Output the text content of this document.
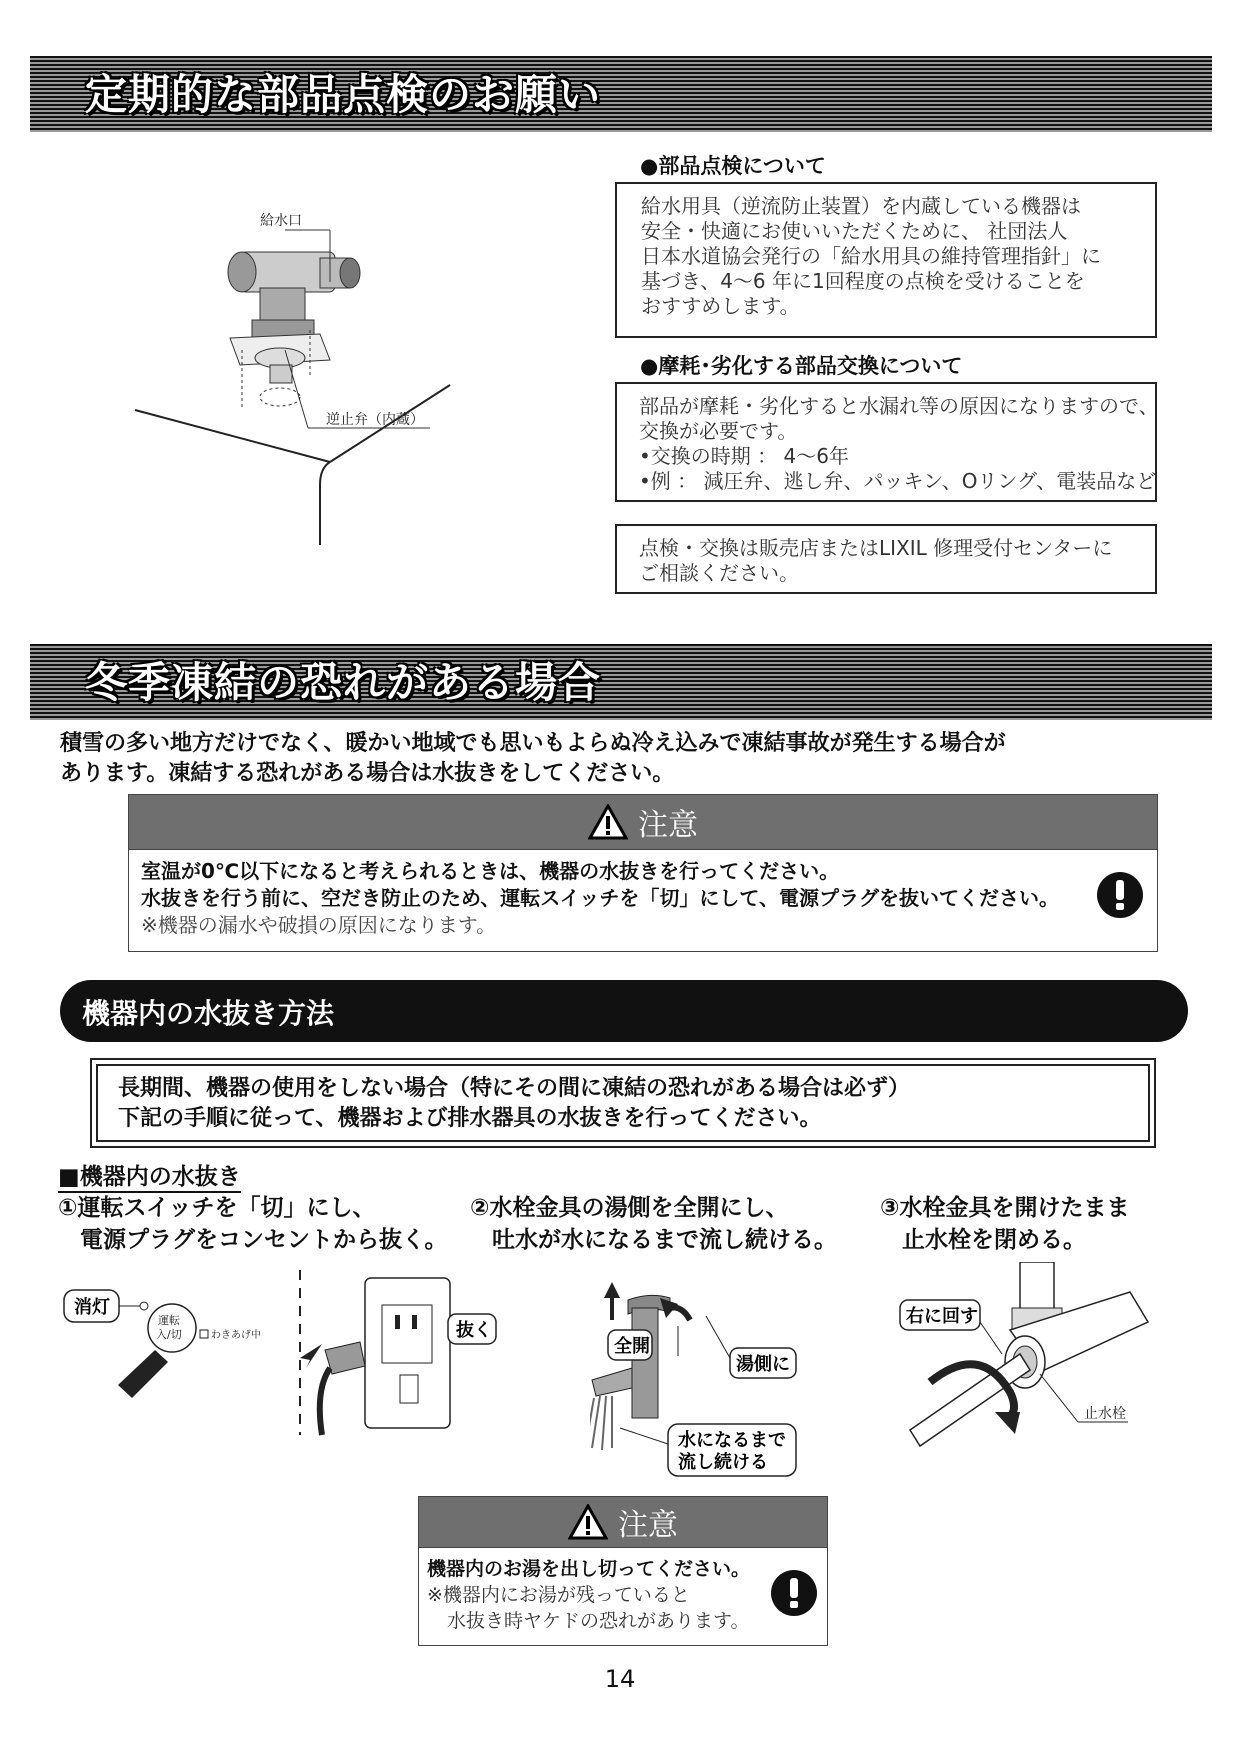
定期的な部品点検のお願い
給水口
逆止弁（内蔵）
●部品点検について
給水用具（逆流防止装置）を内蔵している機器は
安全・快適にお使いいただくために、 社団法人
日本水道協会発行の「給水用具の維持管理指針」に
基づき、4～6 年に1回程度の点検を受けることを
おすすめします。
●摩耗･劣化する部品交換について
部品が摩耗・劣化すると水漏れ等の原因になりますので、
交換が必要です。
•交換の時期 ： 4～6年
•例 ： 減圧弁、逃し弁、パッキン、Oリング、電装品など
点検・交換は販売店またはLIXIL 修理受付センターに
ご相談ください。
冬季凍結の恐れがある場合
積雪の多い地方だけでなく、暖かい地域でも思いもよらぬ冷え込みで凍結事故が発生する場合が
あります。凍結する恐れがある場合は水抜きをしてください。
注意
室温が0℃以下になると考えられるときは、機器の水抜きを行ってください。
水抜きを行う前に、空だき防止のため、運転スイッチを「切」にして、電源プラグを抜いてください。
※機器の漏水や破損の原因になります。
機器内の水抜き方法
長期間、機器の使用をしない場合（特にその間に凍結の恐れがある場合は必ず）
下記の手順に従って、機器および排水器具の水抜きを行ってください。
■機器内の水抜き
①運転スイッチを「切」にし、
電源プラグをコンセントから抜く。
②水栓金具の湯側を全開にし、
吐水が水になるまで流し続ける。
③水栓金具を開けたまま
止水栓を閉める。
消灯
運転
入/切	わきあげ中	抜く
全開
湯側に
水になるまで
流し続ける
右に回す
止水栓
注意
機器内のお湯を出し切ってください。
※機器内にお湯が残っていると
水抜き時ヤケドの恐れがあります。
14
